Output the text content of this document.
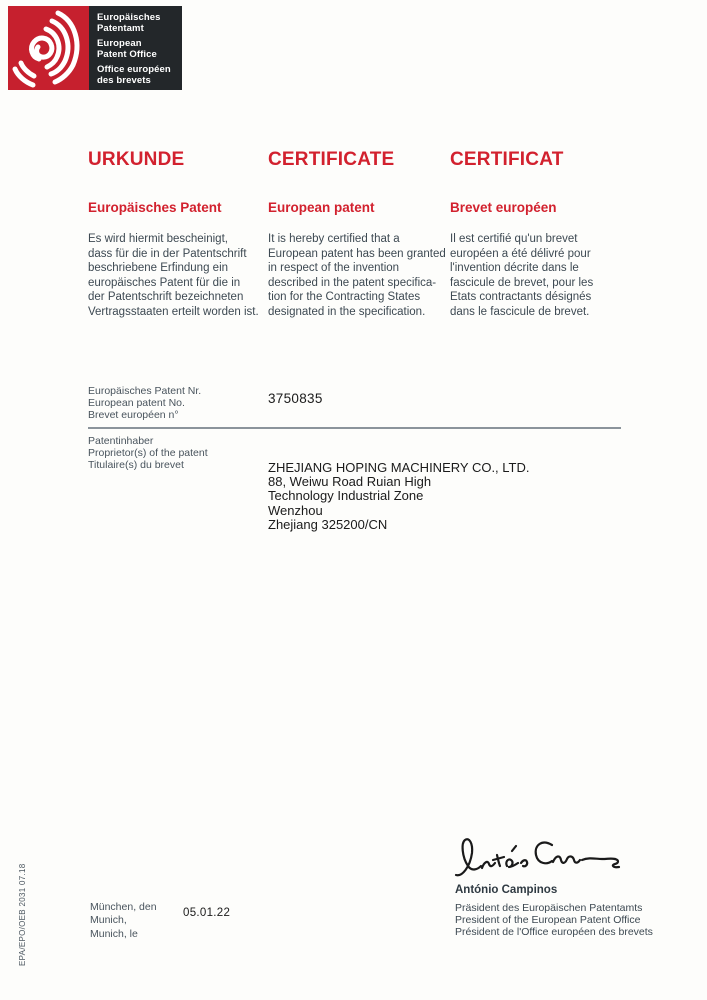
Europäisches
Patentamt
European
Patent Office
Office européen
des brevets
URKUNDE	CERTIFICATE	CERTIFICAT
Europäisches Patent	European patent	Brevet européen
Es wird hiermit bescheinigt,
dass für die in der Patentschrift
beschriebene Erfindung ein
europäisches Patent für die in
der Patentschrift bezeichneten
Vertragsstaaten erteilt worden ist.
It is hereby certified that a
European patent has been granted
in respect of the invention
described in the patent specifica-
tion for the Contracting States
designated in the specification.
Il est certifié qu'un brevet
européen a été délivré pour
l'invention décrite dans le
fascicule de brevet, pour les
Etats contractants désignés
dans le fascicule de brevet.
Europäisches Patent Nr.
European patent No.
Brevet européen n°
3750835
Patentinhaber
Proprietor(s) of the patent
Titulaire(s) du brevet	ZHEJIANG HOPING MACHINERY CO., LTD.
88, Weiwu Road Ruian High
Technology Industrial Zone
Wenzhou
Zhejiang 325200/CN
António Campinos
Präsident des Europäischen Patentamts
President of the European Patent Office
Président de l'Office européen des brevets
München, den
Munich,
Munich, le
05.01.22
EPA/EPO/OEB 2031 07.18
